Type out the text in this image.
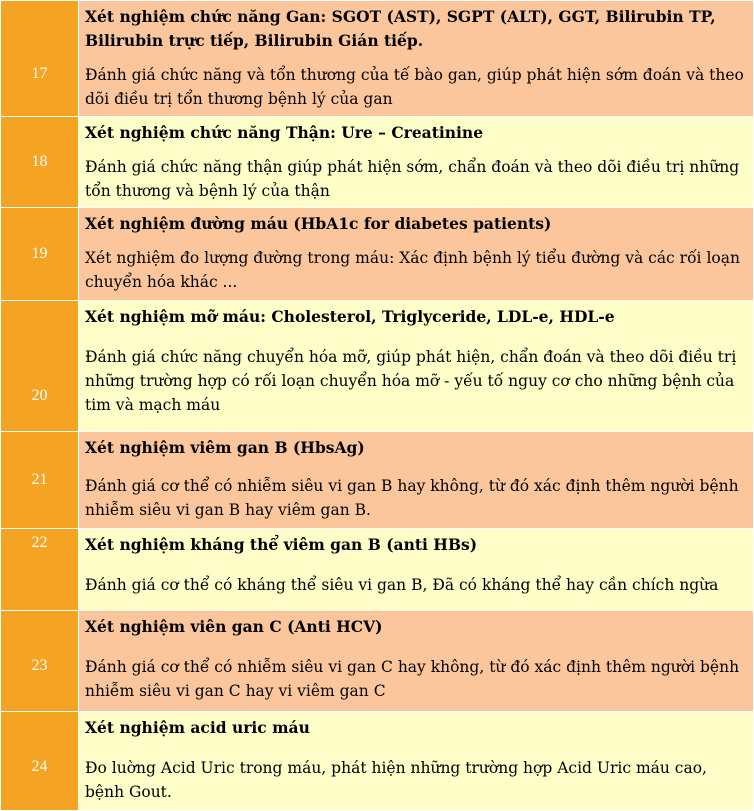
17	Xét nghiệm chức năng Gan: SGOT (AST), SGPT (ALT), GGT, Bilirubin TP, Bilirubin trực tiếp, Bilirubin Gián tiếp.

Đánh giá chức năng và tổn thương của tế bào gan, giúp phát hiện sớm đoán và theo dõi điều trị tổn thương bệnh lý của gan

18	Xét nghiệm chức năng Thận: Ure – Creatinine

Đánh giá chức năng thận giúp phát hiện sớm, chẩn đoán và theo dõi điều trị những tổn thương và bệnh lý của thận

19	Xét nghiệm đường máu (HbA1c for diabetes patients)

Xét nghiệm đo lượng đường trong máu: Xác định bệnh lý tiểu đường và các rối loạn chuyển hóa khác ...

20	Xét nghiệm mỡ máu: Cholesterol, Triglyceride, LDL-e, HDL-e

Đánh giá chức năng chuyển hóa mỡ, giúp phát hiện, chẩn đoán và theo dõi điều trị những trường hợp có rối loạn chuyển hóa mỡ - yếu tố nguy cơ cho những bệnh của tim và mạch máu

21	Xét nghiệm viêm gan B (HbsAg)

Đánh giá cơ thể có nhiễm siêu vi gan B hay không, từ đó xác định thêm người bệnh nhiễm siêu vi gan B hay viêm gan B.

22	Xét nghiệm kháng thể viêm gan B (anti HBs)

Đánh giá cơ thể có kháng thể siêu vi gan B, Đã có kháng thể hay cần chích ngừa

23	Xét nghiệm viên gan C (Anti HCV)

Đánh giá cơ thể có nhiễm siêu vi gan C hay không, từ đó xác định thêm người bệnh nhiễm siêu vi gan C hay vi viêm gan C

24	Xét nghiệm acid uric máu

Đo luờng Acid Uric trong máu, phát hiện những trường hợp Acid Uric máu cao, bệnh Gout.
